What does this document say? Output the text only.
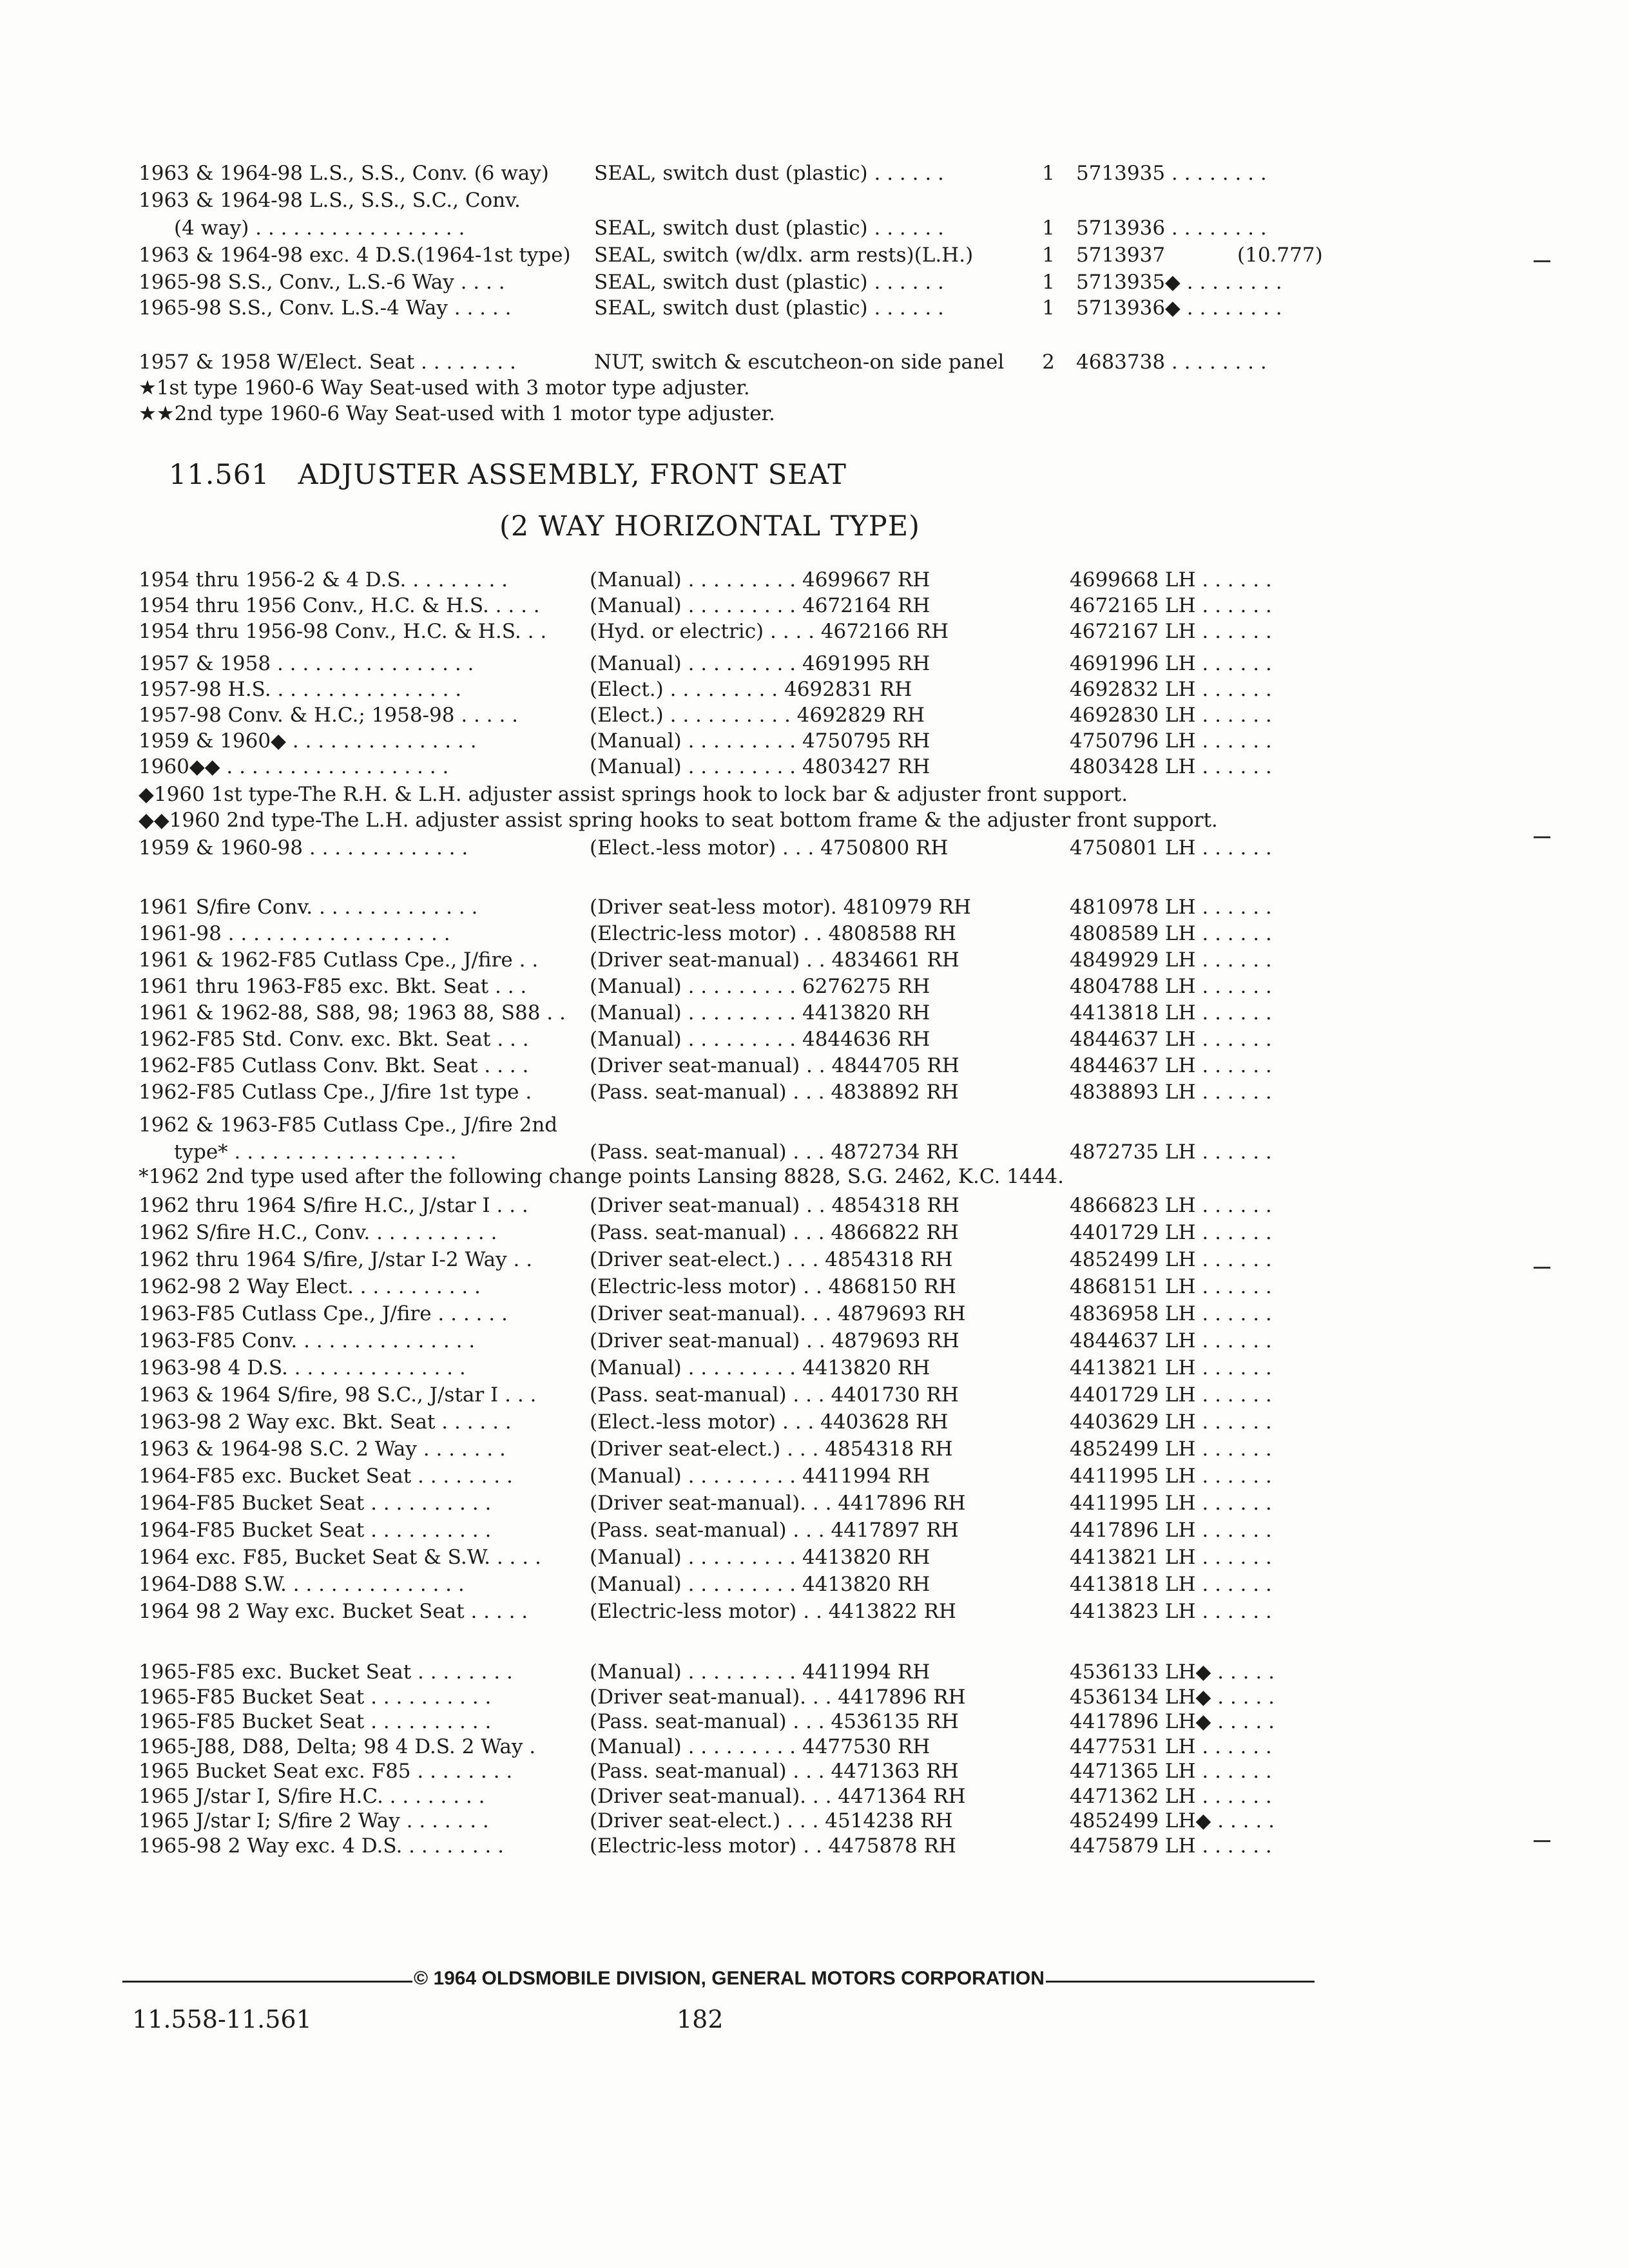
1963 & 1964-98 L.S., S.S., Conv. (6 way)	SEAL, switch dust (plastic) . . . . . .	1 5713935 . . . . . . . .
1963 & 1964-98 L.S., S.S., S.C., Conv.
(4 way) . . . . . . . . . . . . . . . . .	SEAL, switch dust (plastic) . . . . . .	1 5713936 . . . . . . . .
1963 & 1964-98 exc. 4 D.S.(1964-1st type)	SEAL, switch (w/dlx. arm rests)(L.H.)	1 5713937	(10.777)
1965-98 S.S., Conv., L.S.-6 Way . . . .	SEAL, switch dust (plastic) . . . . . .	1 5713935◆ . . . . . . . .
1965-98 S.S., Conv. L.S.-4 Way . . . . .	SEAL, switch dust (plastic) . . . . . .	1 5713936◆ . . . . . . . .
1957 & 1958 W/Elect. Seat . . . . . . . .	NUT, switch & escutcheon-on side panel	2 4683738 . . . . . . . .
★1st type 1960-6 Way Seat-used with 3 motor type adjuster.
★★2nd type 1960-6 Way Seat-used with 1 motor type adjuster.
11.561 ADJUSTER ASSEMBLY, FRONT SEAT
(2 WAY HORIZONTAL TYPE)
1954 thru 1956-2 & 4 D.S. . . . . . . . .	(Manual) . . . . . . . . . 4699667 RH	4699668 LH . . . . . .
1954 thru 1956 Conv., H.C. & H.S. . . . .	(Manual) . . . . . . . . . 4672164 RH	4672165 LH . . . . . .
1954 thru 1956-98 Conv., H.C. & H.S. . .	(Hyd. or electric) . . . . 4672166 RH	4672167 LH . . . . . .
1957 & 1958 . . . . . . . . . . . . . . . .	(Manual) . . . . . . . . . 4691995 RH	4691996 LH . . . . . .
1957-98 H.S. . . . . . . . . . . . . . . .	(Elect.) . . . . . . . . . 4692831 RH	4692832 LH . . . . . .
1957-98 Conv. & H.C.; 1958-98 . . . . .	(Elect.) . . . . . . . . . . 4692829 RH	4692830 LH . . . . . .
1959 & 1960◆ . . . . . . . . . . . . . . .	(Manual) . . . . . . . . . 4750795 RH	4750796 LH . . . . . .
1960◆◆ . . . . . . . . . . . . . . . . . .	(Manual) . . . . . . . . . 4803427 RH	4803428 LH . . . . . .
◆1960 1st type-The R.H. & L.H. adjuster assist springs hook to lock bar & adjuster front support.
◆◆1960 2nd type-The L.H. adjuster assist spring hooks to seat bottom frame & the adjuster front support.
1959 & 1960-98 . . . . . . . . . . . . .	(Elect.-less motor) . . . 4750800 RH	4750801 LH . . . . . .
1961 S/fire Conv. . . . . . . . . . . . . .	(Driver seat-less motor). 4810979 RH	4810978 LH . . . . . .
1961-98 . . . . . . . . . . . . . . . . . .	(Electric-less motor) . . 4808588 RH	4808589 LH . . . . . .
1961 & 1962-F85 Cutlass Cpe., J/fire . .	(Driver seat-manual) . . 4834661 RH	4849929 LH . . . . . .
1961 thru 1963-F85 exc. Bkt. Seat . . .	(Manual) . . . . . . . . . 6276275 RH	4804788 LH . . . . . .
1961 & 1962-88, S88, 98; 1963 88, S88 . .	(Manual) . . . . . . . . . 4413820 RH	4413818 LH . . . . . .
1962-F85 Std. Conv. exc. Bkt. Seat . . .	(Manual) . . . . . . . . . 4844636 RH	4844637 LH . . . . . .
1962-F85 Cutlass Conv. Bkt. Seat . . . .	(Driver seat-manual) . . 4844705 RH	4844637 LH . . . . . .
1962-F85 Cutlass Cpe., J/fire 1st type .	(Pass. seat-manual) . . . 4838892 RH	4838893 LH . . . . . .
1962 & 1963-F85 Cutlass Cpe., J/fire 2nd
type* . . . . . . . . . . . . . . . . . .	(Pass. seat-manual) . . . 4872734 RH	4872735 LH . . . . . .
*1962 2nd type used after the following change points Lansing 8828, S.G. 2462, K.C. 1444.
1962 thru 1964 S/fire H.C., J/star I . . .	(Driver seat-manual) . . 4854318 RH	4866823 LH . . . . . .
1962 S/fire H.C., Conv. . . . . . . . . . .	(Pass. seat-manual) . . . 4866822 RH	4401729 LH . . . . . .
1962 thru 1964 S/fire, J/star I-2 Way . .	(Driver seat-elect.) . . . 4854318 RH	4852499 LH . . . . . .
1962-98 2 Way Elect. . . . . . . . . . .	(Electric-less motor) . . 4868150 RH	4868151 LH . . . . . .
1963-F85 Cutlass Cpe., J/fire . . . . . .	(Driver seat-manual). . . 4879693 RH	4836958 LH . . . . . .
1963-F85 Conv. . . . . . . . . . . . . . .	(Driver seat-manual) . . 4879693 RH	4844637 LH . . . . . .
1963-98 4 D.S. . . . . . . . . . . . . . .	(Manual) . . . . . . . . . 4413820 RH	4413821 LH . . . . . .
1963 & 1964 S/fire, 98 S.C., J/star I . . .	(Pass. seat-manual) . . . 4401730 RH	4401729 LH . . . . . .
1963-98 2 Way exc. Bkt. Seat . . . . . .	(Elect.-less motor) . . . 4403628 RH	4403629 LH . . . . . .
1963 & 1964-98 S.C. 2 Way . . . . . . .	(Driver seat-elect.) . . . 4854318 RH	4852499 LH . . . . . .
1964-F85 exc. Bucket Seat . . . . . . . .	(Manual) . . . . . . . . . 4411994 RH	4411995 LH . . . . . .
1964-F85 Bucket Seat . . . . . . . . . .	(Driver seat-manual). . . 4417896 RH	4411995 LH . . . . . .
1964-F85 Bucket Seat . . . . . . . . . .	(Pass. seat-manual) . . . 4417897 RH	4417896 LH . . . . . .
1964 exc. F85, Bucket Seat & S.W. . . . .	(Manual) . . . . . . . . . 4413820 RH	4413821 LH . . . . . .
1964-D88 S.W. . . . . . . . . . . . . . .	(Manual) . . . . . . . . . 4413820 RH	4413818 LH . . . . . .
1964 98 2 Way exc. Bucket Seat . . . . .	(Electric-less motor) . . 4413822 RH	4413823 LH . . . . . .
1965-F85 exc. Bucket Seat . . . . . . . .	(Manual) . . . . . . . . . 4411994 RH	4536133 LH◆ . . . . .
1965-F85 Bucket Seat . . . . . . . . . .	(Driver seat-manual). . . 4417896 RH	4536134 LH◆ . . . . .
1965-F85 Bucket Seat . . . . . . . . . .	(Pass. seat-manual) . . . 4536135 RH	4417896 LH◆ . . . . .
1965-J88, D88, Delta; 98 4 D.S. 2 Way .	(Manual) . . . . . . . . . 4477530 RH	4477531 LH . . . . . .
1965 Bucket Seat exc. F85 . . . . . . . .	(Pass. seat-manual) . . . 4471363 RH	4471365 LH . . . . . .
1965 J/star I, S/fire H.C. . . . . . . . .	(Driver seat-manual). . . 4471364 RH	4471362 LH . . . . . .
1965 J/star I; S/fire 2 Way . . . . . . .	(Driver seat-elect.) . . . 4514238 RH	4852499 LH◆ . . . . .
1965-98 2 Way exc. 4 D.S. . . . . . . . .	(Electric-less motor) . . 4475878 RH	4475879 LH . . . . . .
© 1964 OLDSMOBILE DIVISION, GENERAL MOTORS CORPORATION
11.558-11.561	182
